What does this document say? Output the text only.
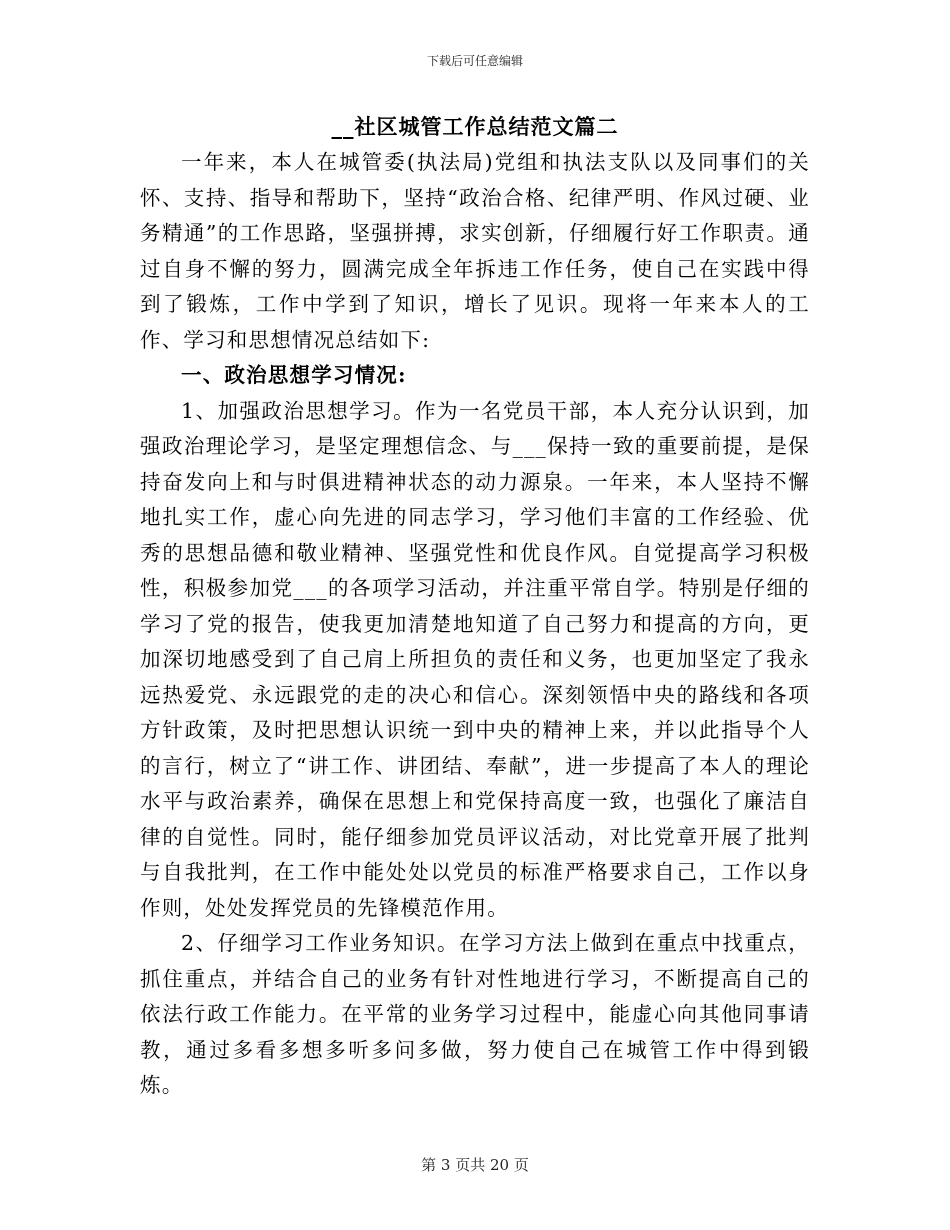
下载后可任意编辑
__社区城管工作总结范文篇二

一年来，本人在城管委(执法局)党组和执法支队以及同事们的关怀、支持、指导和帮助下，坚持“政治合格、纪律严明、作风过硬、业务精通”的工作思路，坚强拼搏，求实创新，仔细履行好工作职责。通过自身不懈的努力，圆满完成全年拆违工作任务，使自己在实践中得到了锻炼，工作中学到了知识，增长了见识。现将一年来本人的工作、学习和思想情况总结如下:

一、政治思想学习情况:

1、加强政治思想学习。作为一名党员干部，本人充分认识到，加强政治理论学习，是坚定理想信念、与___保持一致的重要前提，是保持奋发向上和与时俱进精神状态的动力源泉。一年来，本人坚持不懈地扎实工作，虚心向先进的同志学习，学习他们丰富的工作经验、优秀的思想品德和敬业精神、坚强党性和优良作风。自觉提高学习积极性，积极参加党___的各项学习活动，并注重平常自学。特别是仔细的学习了党的报告，使我更加清楚地知道了自己努力和提高的方向，更加深切地感受到了自己肩上所担负的责任和义务，也更加坚定了我永远热爱党、永远跟党的走的决心和信心。深刻领悟中央的路线和各项方针政策，及时把思想认识统一到中央的精神上来，并以此指导个人的言行，树立了“讲工作、讲团结、奉献”，进一步提高了本人的理论水平与政治素养，确保在思想上和党保持高度一致，也强化了廉洁自律的自觉性。同时，能仔细参加党员评议活动，对比党章开展了批判与自我批判，在工作中能处处以党员的标准严格要求自己，工作以身作则，处处发挥党员的先锋模范作用。

2、仔细学习工作业务知识。在学习方法上做到在重点中找重点，抓住重点，并结合自己的业务有针对性地进行学习，不断提高自己的依法行政工作能力。在平常的业务学习过程中，能虚心向其他同事请教，通过多看多想多听多问多做，努力使自己在城管工作中得到锻炼。

第 3 页共 20 页
